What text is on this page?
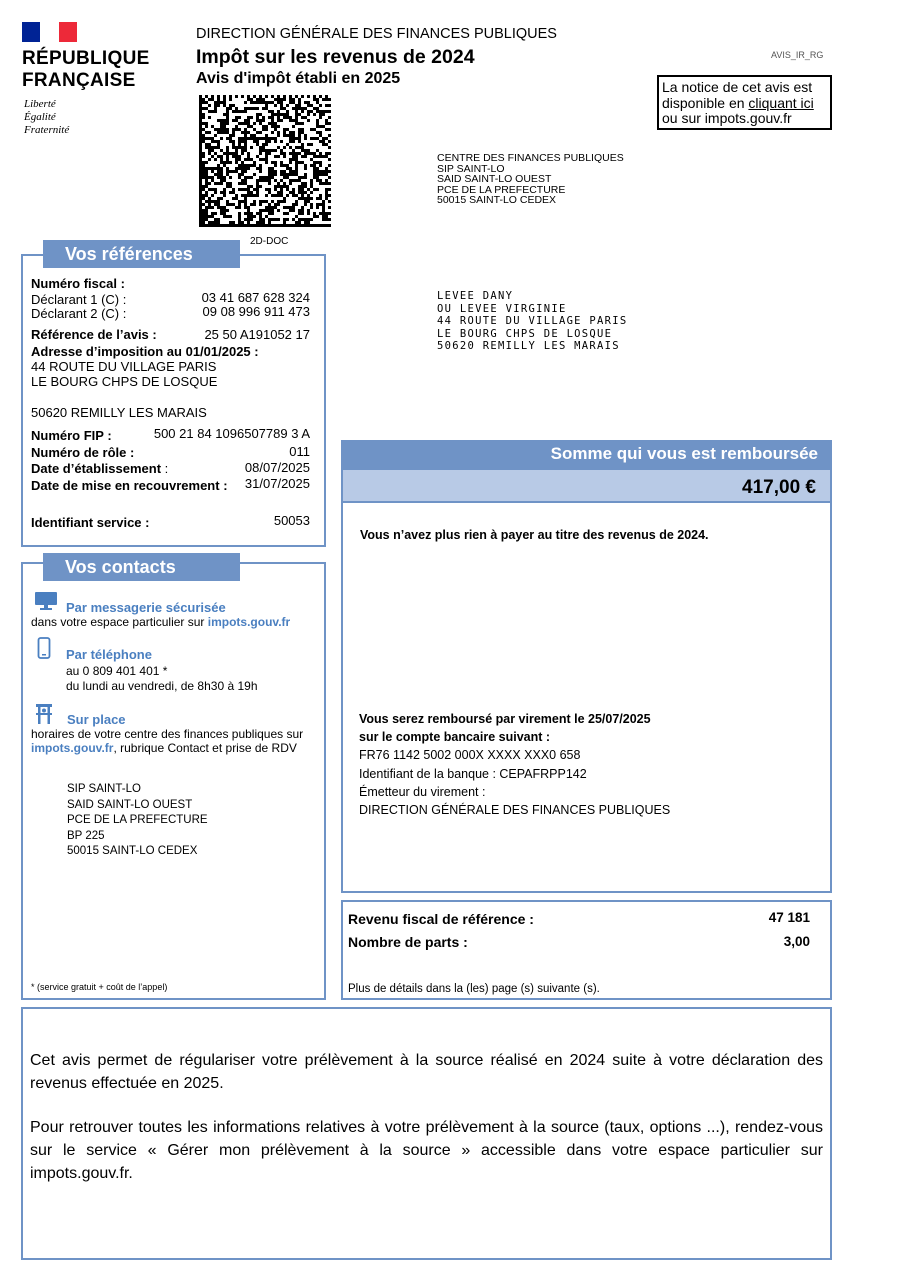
RÉPUBLIQUE
FRANÇAISE
Liberté
Égalité
Fraternité
DIRECTION GÉNÉRALE DES FINANCES PUBLIQUES
Impôt sur les revenus de 2024
Avis d'impôt établi en 2025
AVIS_IR_RG
La notice de cet avis est
disponible en cliquant ici
ou sur impots.gouv.fr
2D-DOC
CENTRE DES FINANCES PUBLIQUES
SIP SAINT-LO
SAID SAINT-LO OUEST
PCE DE LA PREFECTURE
50015 SAINT-LO CEDEX
LEVEE DANY
OU LEVEE VIRGINIE
44 ROUTE DU VILLAGE PARIS
LE BOURG CHPS DE LOSQUE
50620 REMILLY LES MARAIS
Vos références
Numéro fiscal :
Déclarant 1 (C) :	03 41 687 628 324
Déclarant 2 (C) :	09 08 996 911 473
Référence de l’avis :	25 50 A191052 17
Adresse d’imposition au 01/01/2025 :
44 ROUTE DU VILLAGE PARIS
LE BOURG CHPS DE LOSQUE
50620 REMILLY LES MARAIS
Numéro FIP :	500 21 84 1096507789 3 A
Numéro de rôle :	011
Date d’établissement :	08/07/2025
Date de mise en recouvrement : 31/07/2025
Identifiant service :	50053
Vos contacts
Par messagerie sécurisée
dans votre espace particulier sur impots.gouv.fr
Par téléphone
au 0 809 401 401 *
du lundi au vendredi, de 8h30 à 19h
Sur place
horaires de votre centre des finances publiques sur
impots.gouv.fr, rubrique Contact et prise de RDV
SIP SAINT-LO
SAID SAINT-LO OUEST
PCE DE LA PREFECTURE
BP 225
50015 SAINT-LO CEDEX
* (service gratuit + coût de l’appel)
Somme qui vous est remboursée
417,00 €
Vous n’avez plus rien à payer au titre des revenus de 2024.
Vous serez remboursé par virement le 25/07/2025
sur le compte bancaire suivant :
FR76 1142 5002 000X XXXX XXX0 658
Identifiant de la banque : CEPAFRPP142
Émetteur du virement :
DIRECTION GÉNÉRALE DES FINANCES PUBLIQUES
Revenu fiscal de référence :	47 181
Nombre de parts :	3,00
Plus de détails dans la (les) page (s) suivante (s).
Cet avis permet de régulariser votre prélèvement à la source réalisé en 2024 suite à votre déclaration des revenus effectuée en 2025.
Pour retrouver toutes les informations relatives à votre prélèvement à la source (taux, options ...), rendez-vous sur le service « Gérer mon prélèvement à la source » accessible dans votre espace particulier sur impots.gouv.fr.
